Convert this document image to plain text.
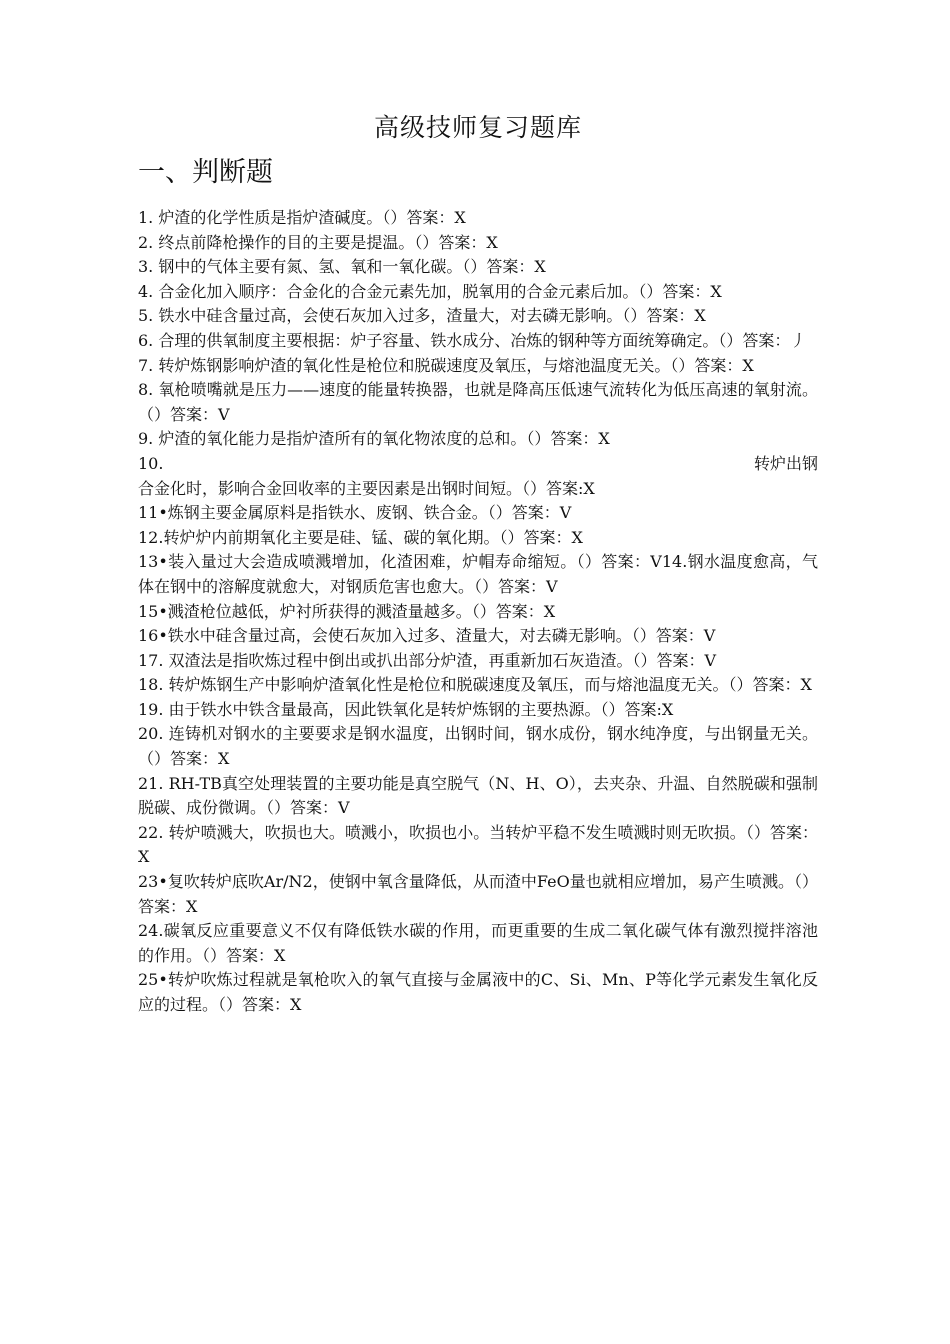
高级技师复习题库
一、判断题

1. 炉渣的化学性质是指炉渣碱度。（）答案：X

2. 终点前降枪操作的目的主要是提温。（）答案：X

3. 钢中的气体主要有氮、氢、氧和一氧化碳。（）答案：X

4. 合金化加入顺序：合金化的合金元素先加，脱氧用的合金元素后加。（）答案：X

5. 铁水中硅含量过高，会使石灰加入过多，渣量大，对去磷无影响。（）答案：X

6. 合理的供氧制度主要根据：炉子容量、铁水成分、冶炼的钢种等方面统筹确定。（）答案：丿

7. 转炉炼钢影响炉渣的氧化性是枪位和脱碳速度及氧压，与熔池温度无关。（）答案：X

8. 氧枪喷嘴就是压力——速度的能量转换器，也就是降高压低速气流转化为低压高速的氧射流。（）答案：V

9. 炉渣的氧化能力是指炉渣所有的氧化物浓度的总和。（）答案：X

10.	转炉出钢
合金化时，影响合金回收率的主要因素是出钢时间短。（）答案:X

11•炼钢主要金属原料是指铁水、废钢、铁合金。（）答案：V

12.转炉炉内前期氧化主要是硅、锰、碳的氧化期。（）答案：X

13•装入量过大会造成喷溅增加，化渣困难，炉帽寿命缩短。（）答案：V14.钢水温度愈高，气体在钢中的溶解度就愈大，对钢质危害也愈大。（）答案：V

15•溅渣枪位越低，炉衬所获得的溅渣量越多。（）答案：X

16•铁水中硅含量过高，会使石灰加入过多、渣量大，对去磷无影响。（）答案：V

17. 双渣法是指吹炼过程中倒出或扒出部分炉渣，再重新加石灰造渣。（）答案：V

18. 转炉炼钢生产中影响炉渣氧化性是枪位和脱碳速度及氧压，而与熔池温度无关。（）答案：X

19. 由于铁水中铁含量最高，因此铁氧化是转炉炼钢的主要热源。（）答案:X

20. 连铸机对钢水的主要要求是钢水温度，出钢时间，钢水成份，钢水纯净度，与出钢量无关。（）答案：X

21. RH-TB真空处理装置的主要功能是真空脱气（N、H、O），去夹杂、升温、自然脱碳和强制脱碳、成份微调。（）答案：V

22. 转炉喷溅大，吹损也大。喷溅小，吹损也小。当转炉平稳不发生喷溅时则无吹损。（）答案：X

23•复吹转炉底吹Ar/N2，使钢中氧含量降低，从而渣中FeO量也就相应增加，易产生喷溅。（）答案：X

24.碳氧反应重要意义不仅有降低铁水碳的作用，而更重要的生成二氧化碳气体有激烈搅拌溶池的作用。（）答案：X

25•转炉吹炼过程就是氧枪吹入的氧气直接与金属液中的C、Si、Mn、P等化学元素发生氧化反应的过程。（）答案：X
